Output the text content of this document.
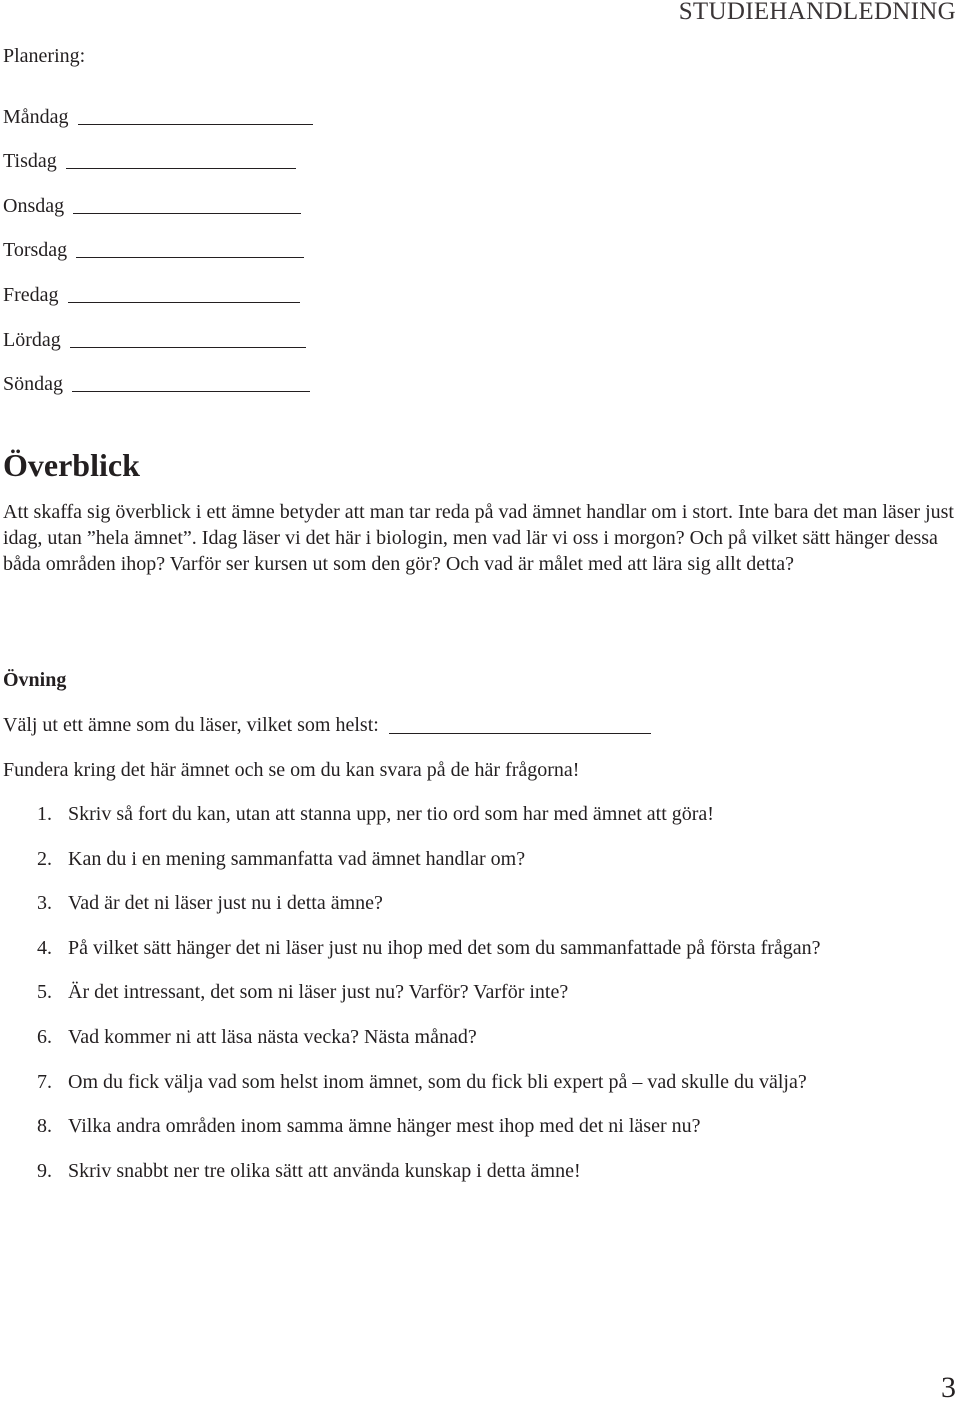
STUDIEHANDLEDNING
Planering:
Måndag
Tisdag
Onsdag
Torsdag
Fredag
Lördag
Söndag
Överblick
Att skaffa sig överblick i ett ämne betyder att man tar reda på vad ämnet handlar om i stort. Inte bara det man läser just idag, utan ”hela ämnet”. Idag läser vi det här i biologin, men vad lär vi oss i morgon? Och på vilket sätt hänger dessa båda områden ihop? Varför ser kursen ut som den gör? Och vad är målet med att lära sig allt detta?
Övning
Välj ut ett ämne som du läser, vilket som helst:
Fundera kring det här ämnet och se om du kan svara på de här frågorna!
1. Skriv så fort du kan, utan att stanna upp, ner tio ord som har med ämnet att göra!
2. Kan du i en mening sammanfatta vad ämnet handlar om?
3. Vad är det ni läser just nu i detta ämne?
4. På vilket sätt hänger det ni läser just nu ihop med det som du sammanfattade på första frågan?
5. Är det intressant, det som ni läser just nu? Varför? Varför inte?
6. Vad kommer ni att läsa nästa vecka? Nästa månad?
7. Om du fick välja vad som helst inom ämnet, som du fick bli expert på – vad skulle du välja?
8. Vilka andra områden inom samma ämne hänger mest ihop med det ni läser nu?
9. Skriv snabbt ner tre olika sätt att använda kunskap i detta ämne!
3
